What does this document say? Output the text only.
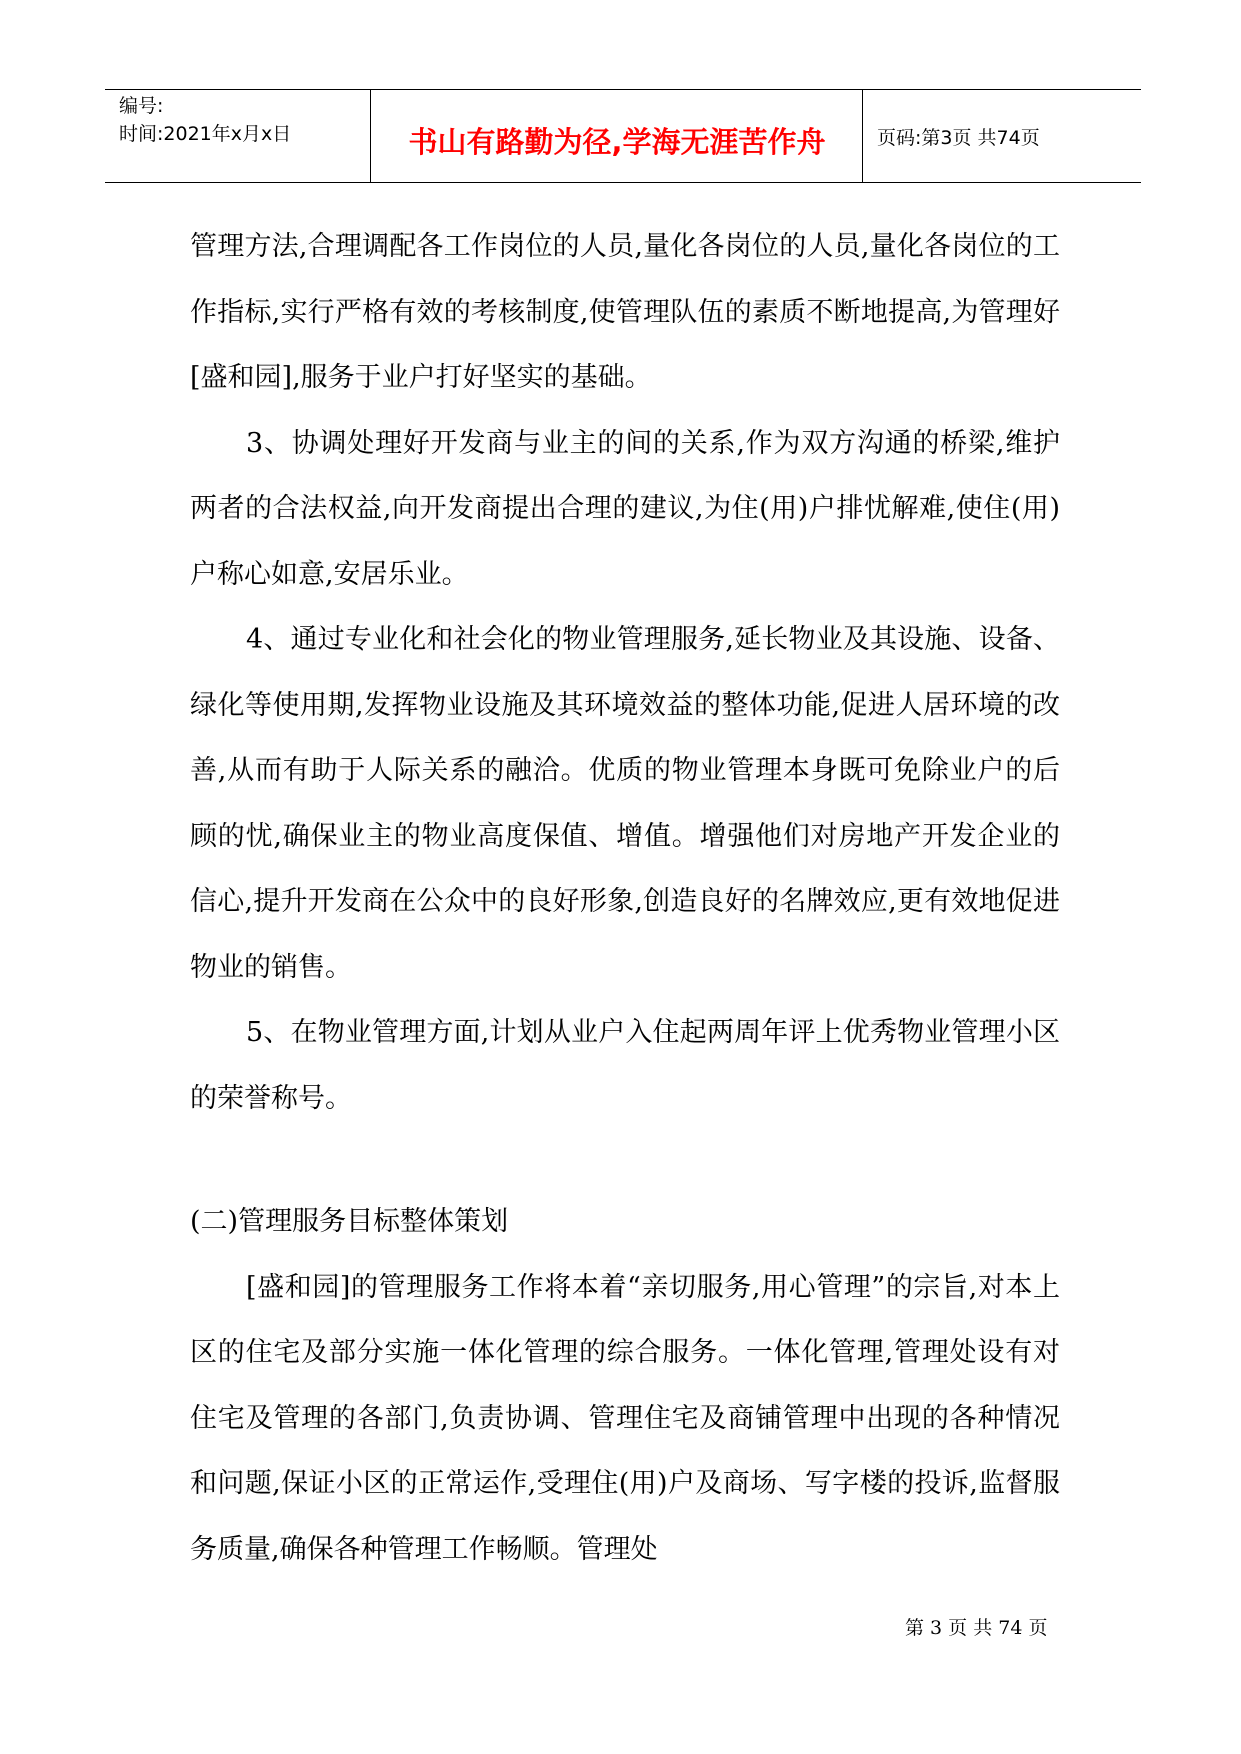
编号:
时间:2021年x月x日	书山有路勤为径,学海无涯苦作舟	页码:第3页 共74页

管理方法,合理调配各工作岗位的人员,量化各岗位的人员,量化各岗位的工作指标,实行严格有效的考核制度,使管理队伍的素质不断地提高,为管理好[盛和园],服务于业户打好坚实的基础。

3、协调处理好开发商与业主的间的关系,作为双方沟通的桥梁,维护两者的合法权益,向开发商提出合理的建议,为住(用)户排忧解难,使住(用)户称心如意,安居乐业。

4、通过专业化和社会化的物业管理服务,延长物业及其设施、设备、绿化等使用期,发挥物业设施及其环境效益的整体功能,促进人居环境的改善,从而有助于人际关系的融洽。优质的物业管理本身既可免除业户的后顾的忧,确保业主的物业高度保值、增值。增强他们对房地产开发企业的信心,提升开发商在公众中的良好形象,创造良好的名牌效应,更有效地促进物业的销售。

5、在物业管理方面,计划从业户入住起两周年评上优秀物业管理小区的荣誉称号。

(二)管理服务目标整体策划

[盛和园]的管理服务工作将本着“亲切服务,用心管理”的宗旨,对本上区的住宅及部分实施一体化管理的综合服务。一体化管理,管理处设有对住宅及管理的各部门,负责协调、管理住宅及商铺管理中出现的各种情况和问题,保证小区的正常运作,受理住(用)户及商场、写字楼的投诉,监督服务质量,确保各种管理工作畅顺。管理处

第 3 页 共 74 页
